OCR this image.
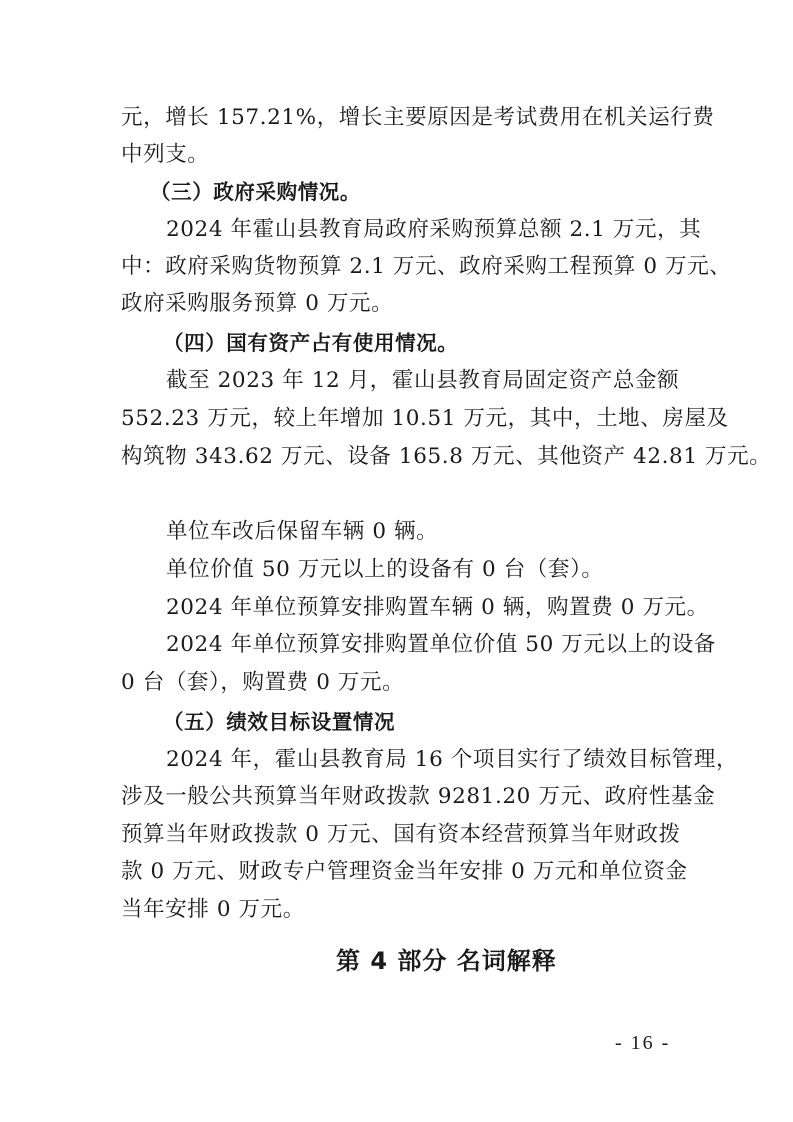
元，增长 157.21%，增长主要原因是考试费用在机关运行费
中列支。
（三）政府采购情况。
2024 年霍山县教育局政府采购预算总额 2.1 万元，其
中：政府采购货物预算 2.1 万元、政府采购工程预算 0 万元、
政府采购服务预算 0 万元。
（四）国有资产占有使用情况。
截至 2023 年 12 月，霍山县教育局固定资产总金额
552.23 万元，较上年增加 10.51 万元，其中，土地、房屋及
构筑物 343.62 万元、设备 165.8 万元、其他资产 42.81 万元。
单位车改后保留车辆 0 辆。
单位价值 50 万元以上的设备有 0 台（套）。
2024 年单位预算安排购置车辆 0 辆，购置费 0 万元。
2024 年单位预算安排购置单位价值 50 万元以上的设备
0 台（套），购置费 0 万元。
（五）绩效目标设置情况
2024 年，霍山县教育局 16 个项目实行了绩效目标管理，
涉及一般公共预算当年财政拨款 9281.20 万元、政府性基金
预算当年财政拨款 0 万元、国有资本经营预算当年财政拨
款 0 万元、财政专户管理资金当年安排 0 万元和单位资金
当年安排 0 万元。
第 4 部分 名词解释
- 16 -
